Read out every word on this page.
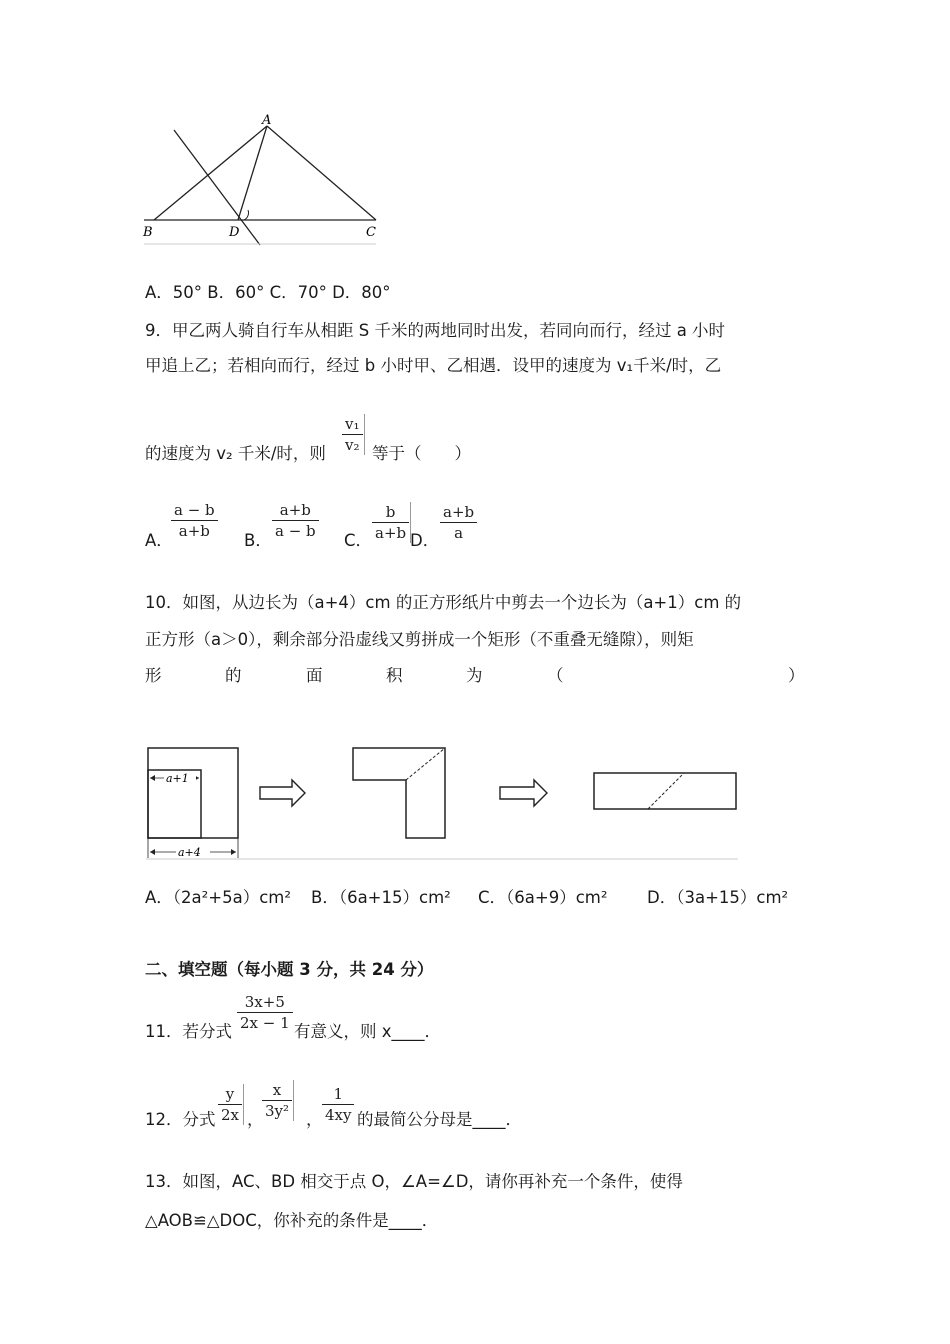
A
B	D	C
A．50° B．60° C．70° D．80°
9．甲乙两人骑自行车从相距 S 千米的两地同时出发，若同向而行，经过 a 小时
甲追上乙；若相向而行，经过 b 小时甲、乙相遇．设甲的速度为 v₁千米/时，乙
的速度为 v₂ 千米/时，则 $\frac{\text{v₁}}{\text{v₂}}$ 等于（　　）
A．
$\frac{a - b}{a+b}$ B． $\frac{a+b}{a - b}$ C． $\frac{b}{a+b}$
D． $\frac{a+b}{a}$
10．如图，从边长为（a+4）cm 的正方形纸片中剪去一个边长为（a+1）cm 的
正方形（a＞0），剩余部分沿虚线又剪拼成一个矩形（不重叠无缝隙），则矩
形	的	面	积	为	（	）
a+1
a+4
A．（2a²+5a）cm² B．（6a+15）cm² C．（6a+9）cm² D．（3a+15）cm²
二、填空题（每小题 3 分，共 24 分）
11．若分式 $\frac{3x+5}{2x - 1}$ 有意义，则 x____．
12．分式 $\frac{y}{2x}$ ，
$\frac{x}{\text{3y²}}$ ， $\frac{1}{4xy}$ 的最简公分母是____．
13．如图，AC、BD 相交于点 O，∠A=∠D，请你再补充一个条件，使得
△AOB≌△DOC，你补充的条件是____．
